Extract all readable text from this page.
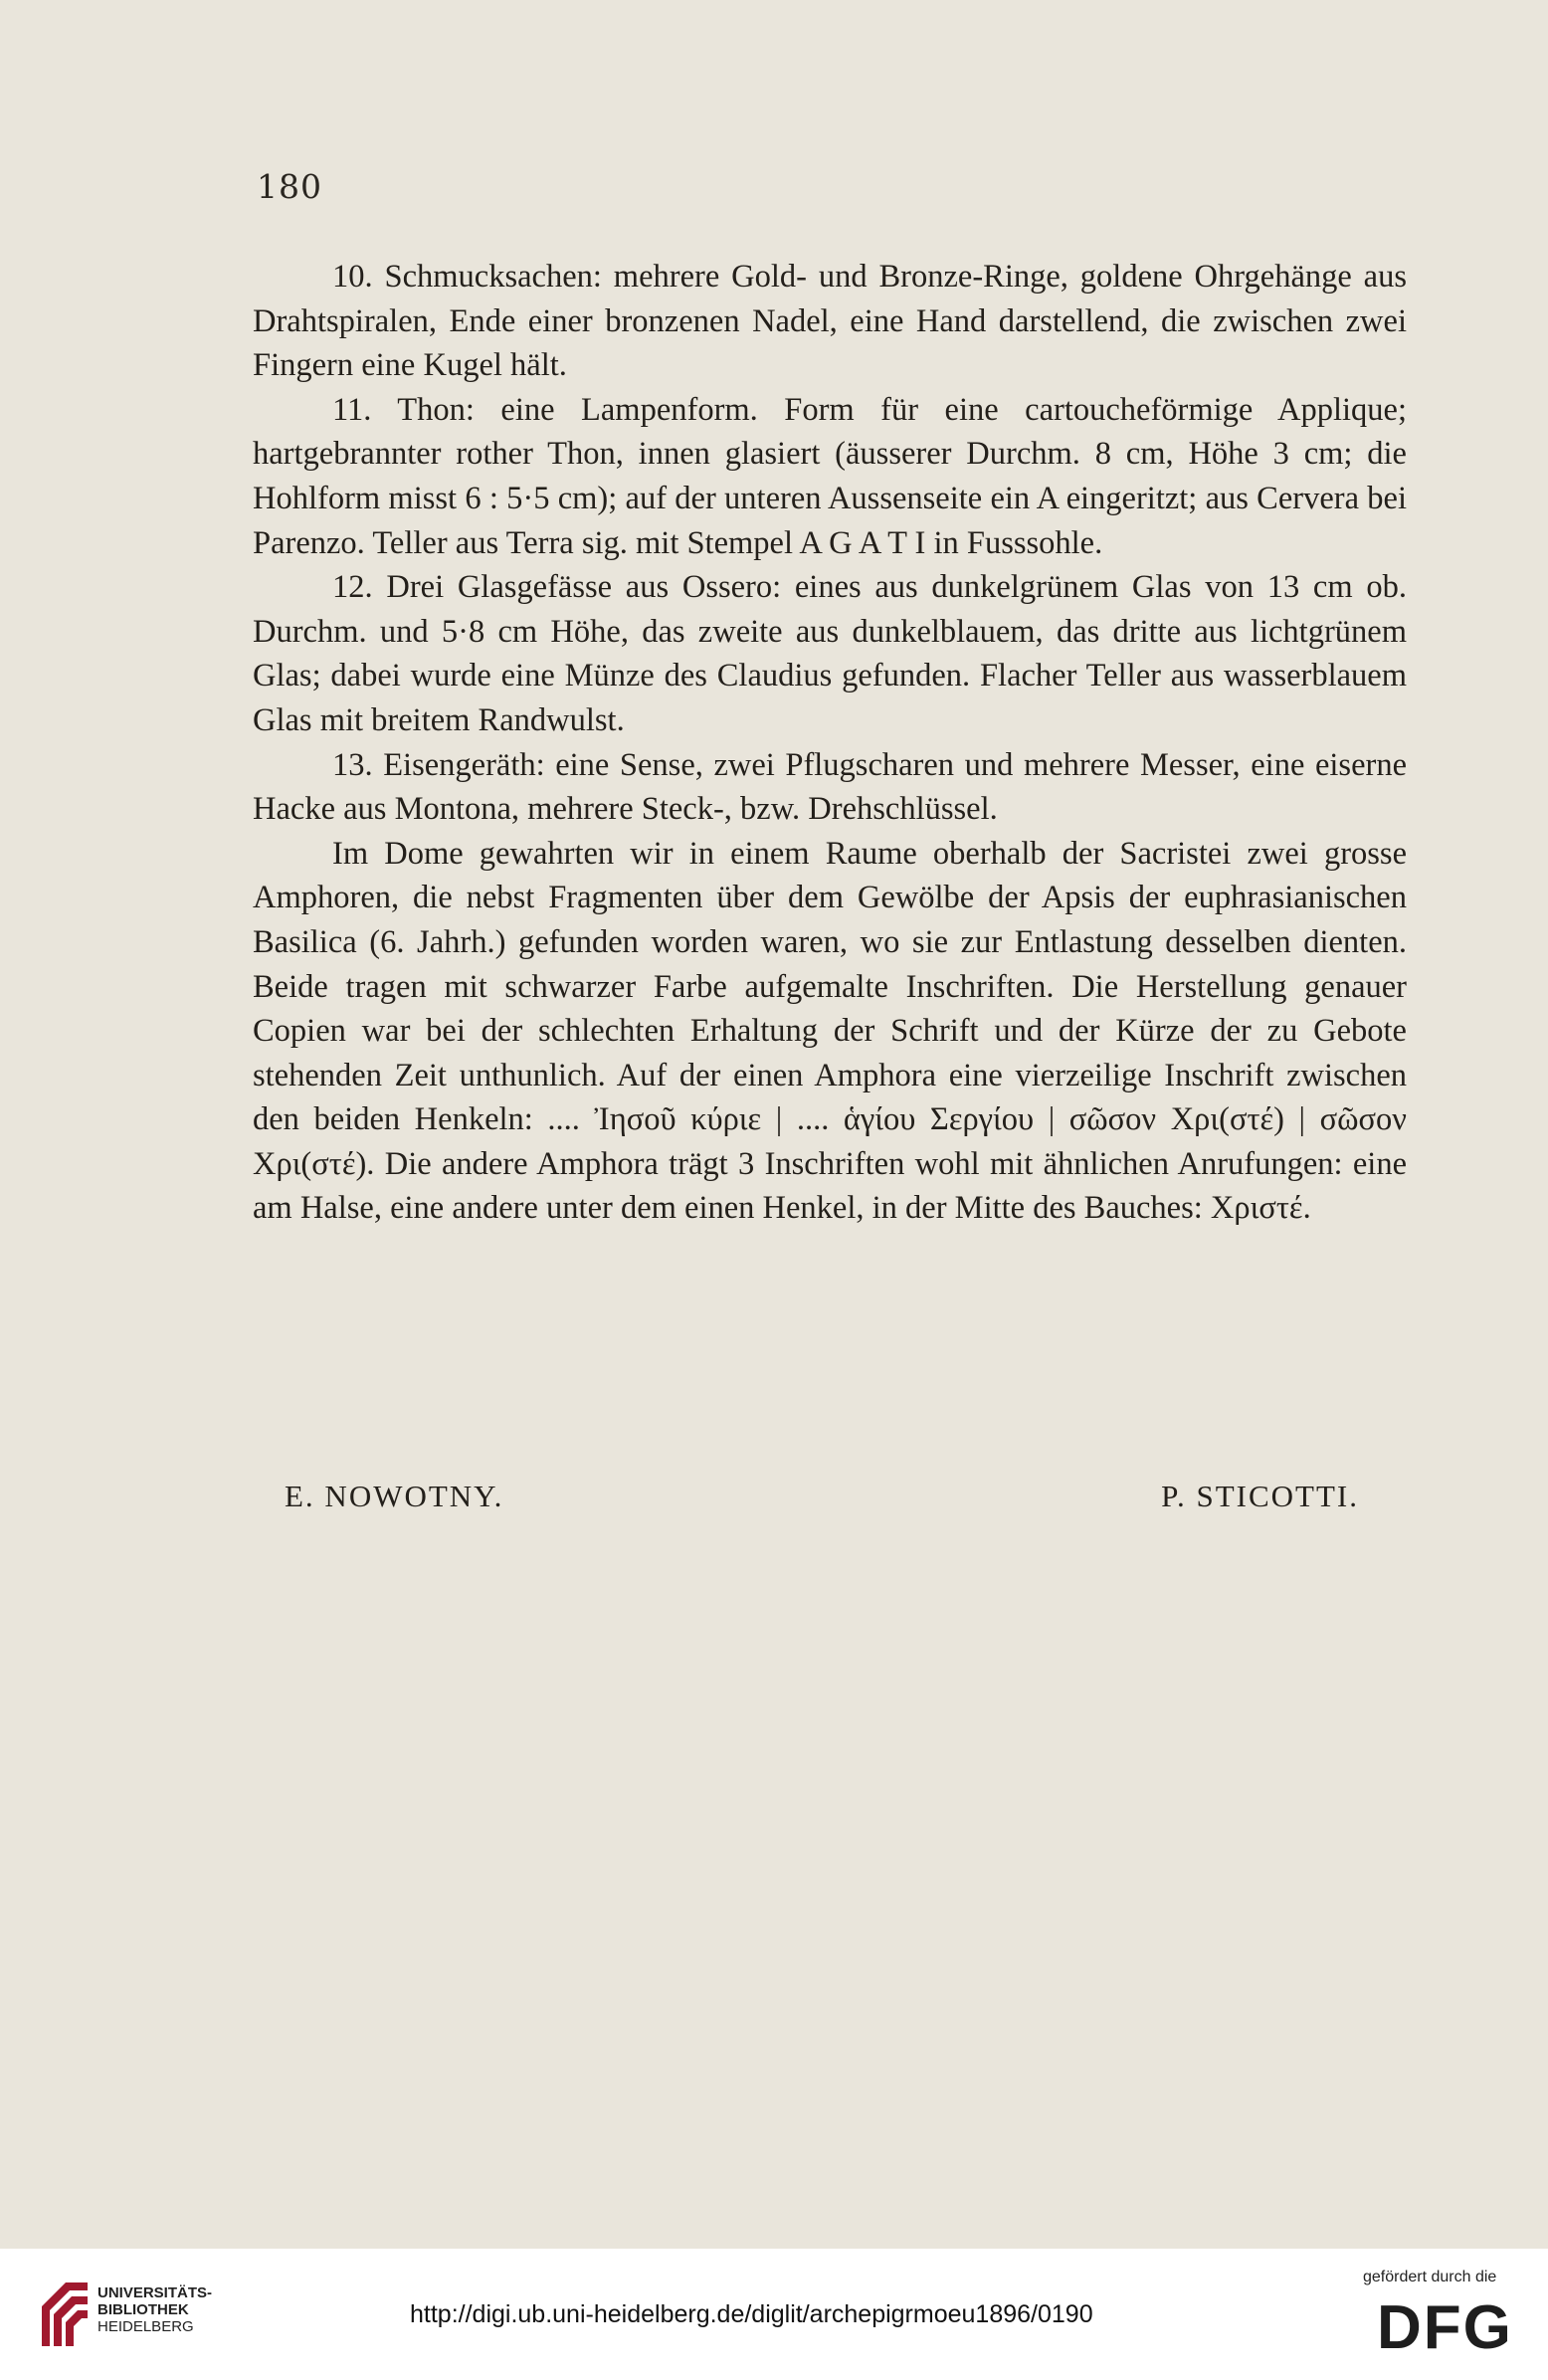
180

10. Schmucksachen: mehrere Gold- und Bronze-Ringe, goldene Ohrgehänge aus Drahtspiralen, Ende einer bronzenen Nadel, eine Hand darstellend, die zwischen zwei Fingern eine Kugel hält.

11. Thon: eine Lampenform. Form für eine cartoucheförmige Applique; hartgebrannter rother Thon, innen glasiert (äusserer Durchm. 8 cm, Höhe 3 cm; die Hohlform misst 6 : 5·5 cm); auf der unteren Aussenseite ein A eingeritzt; aus Cervera bei Parenzo. Teller aus Terra sig. mit Stempel A G A T I in Fusssohle.

12. Drei Glasgefässe aus Ossero: eines aus dunkelgrünem Glas von 13 cm ob. Durchm. und 5·8 cm Höhe, das zweite aus dunkelblauem, das dritte aus lichtgrünem Glas; dabei wurde eine Münze des Claudius gefunden. Flacher Teller aus wasserblauem Glas mit breitem Randwulst.

13. Eisengeräth: eine Sense, zwei Pflugscharen und mehrere Messer, eine eiserne Hacke aus Montona, mehrere Steck-, bzw. Drehschlüssel.

Im Dome gewahrten wir in einem Raume oberhalb der Sacristei zwei grosse Amphoren, die nebst Fragmenten über dem Gewölbe der Apsis der euphrasianischen Basilica (6. Jahrh.) gefunden worden waren, wo sie zur Entlastung desselben dienten. Beide tragen mit schwarzer Farbe aufgemalte Inschriften. Die Herstellung genauer Copien war bei der schlechten Erhaltung der Schrift und der Kürze der zu Gebote stehenden Zeit unthunlich. Auf der einen Amphora eine vierzeilige Inschrift zwischen den beiden Henkeln: .... Ἰησοῦ κύριε | .... ἁγίου Σεργίου | σῶσον Χρι(στέ) | σῶσον Χρι(στέ). Die andere Amphora trägt 3 Inschriften wohl mit ähnlichen Anrufungen: eine am Halse, eine andere unter dem einen Henkel, in der Mitte des Bauches: Χριστέ.

E. NOWOTNY.	P. STICOTTI.
UNIVERSITÄTS-
BIBLIOTHEK
HEIDELBERG	http://digi.ub.uni-heidelberg.de/diglit/archepigrmoeu1896/0190
gefördert durch die
DFG
